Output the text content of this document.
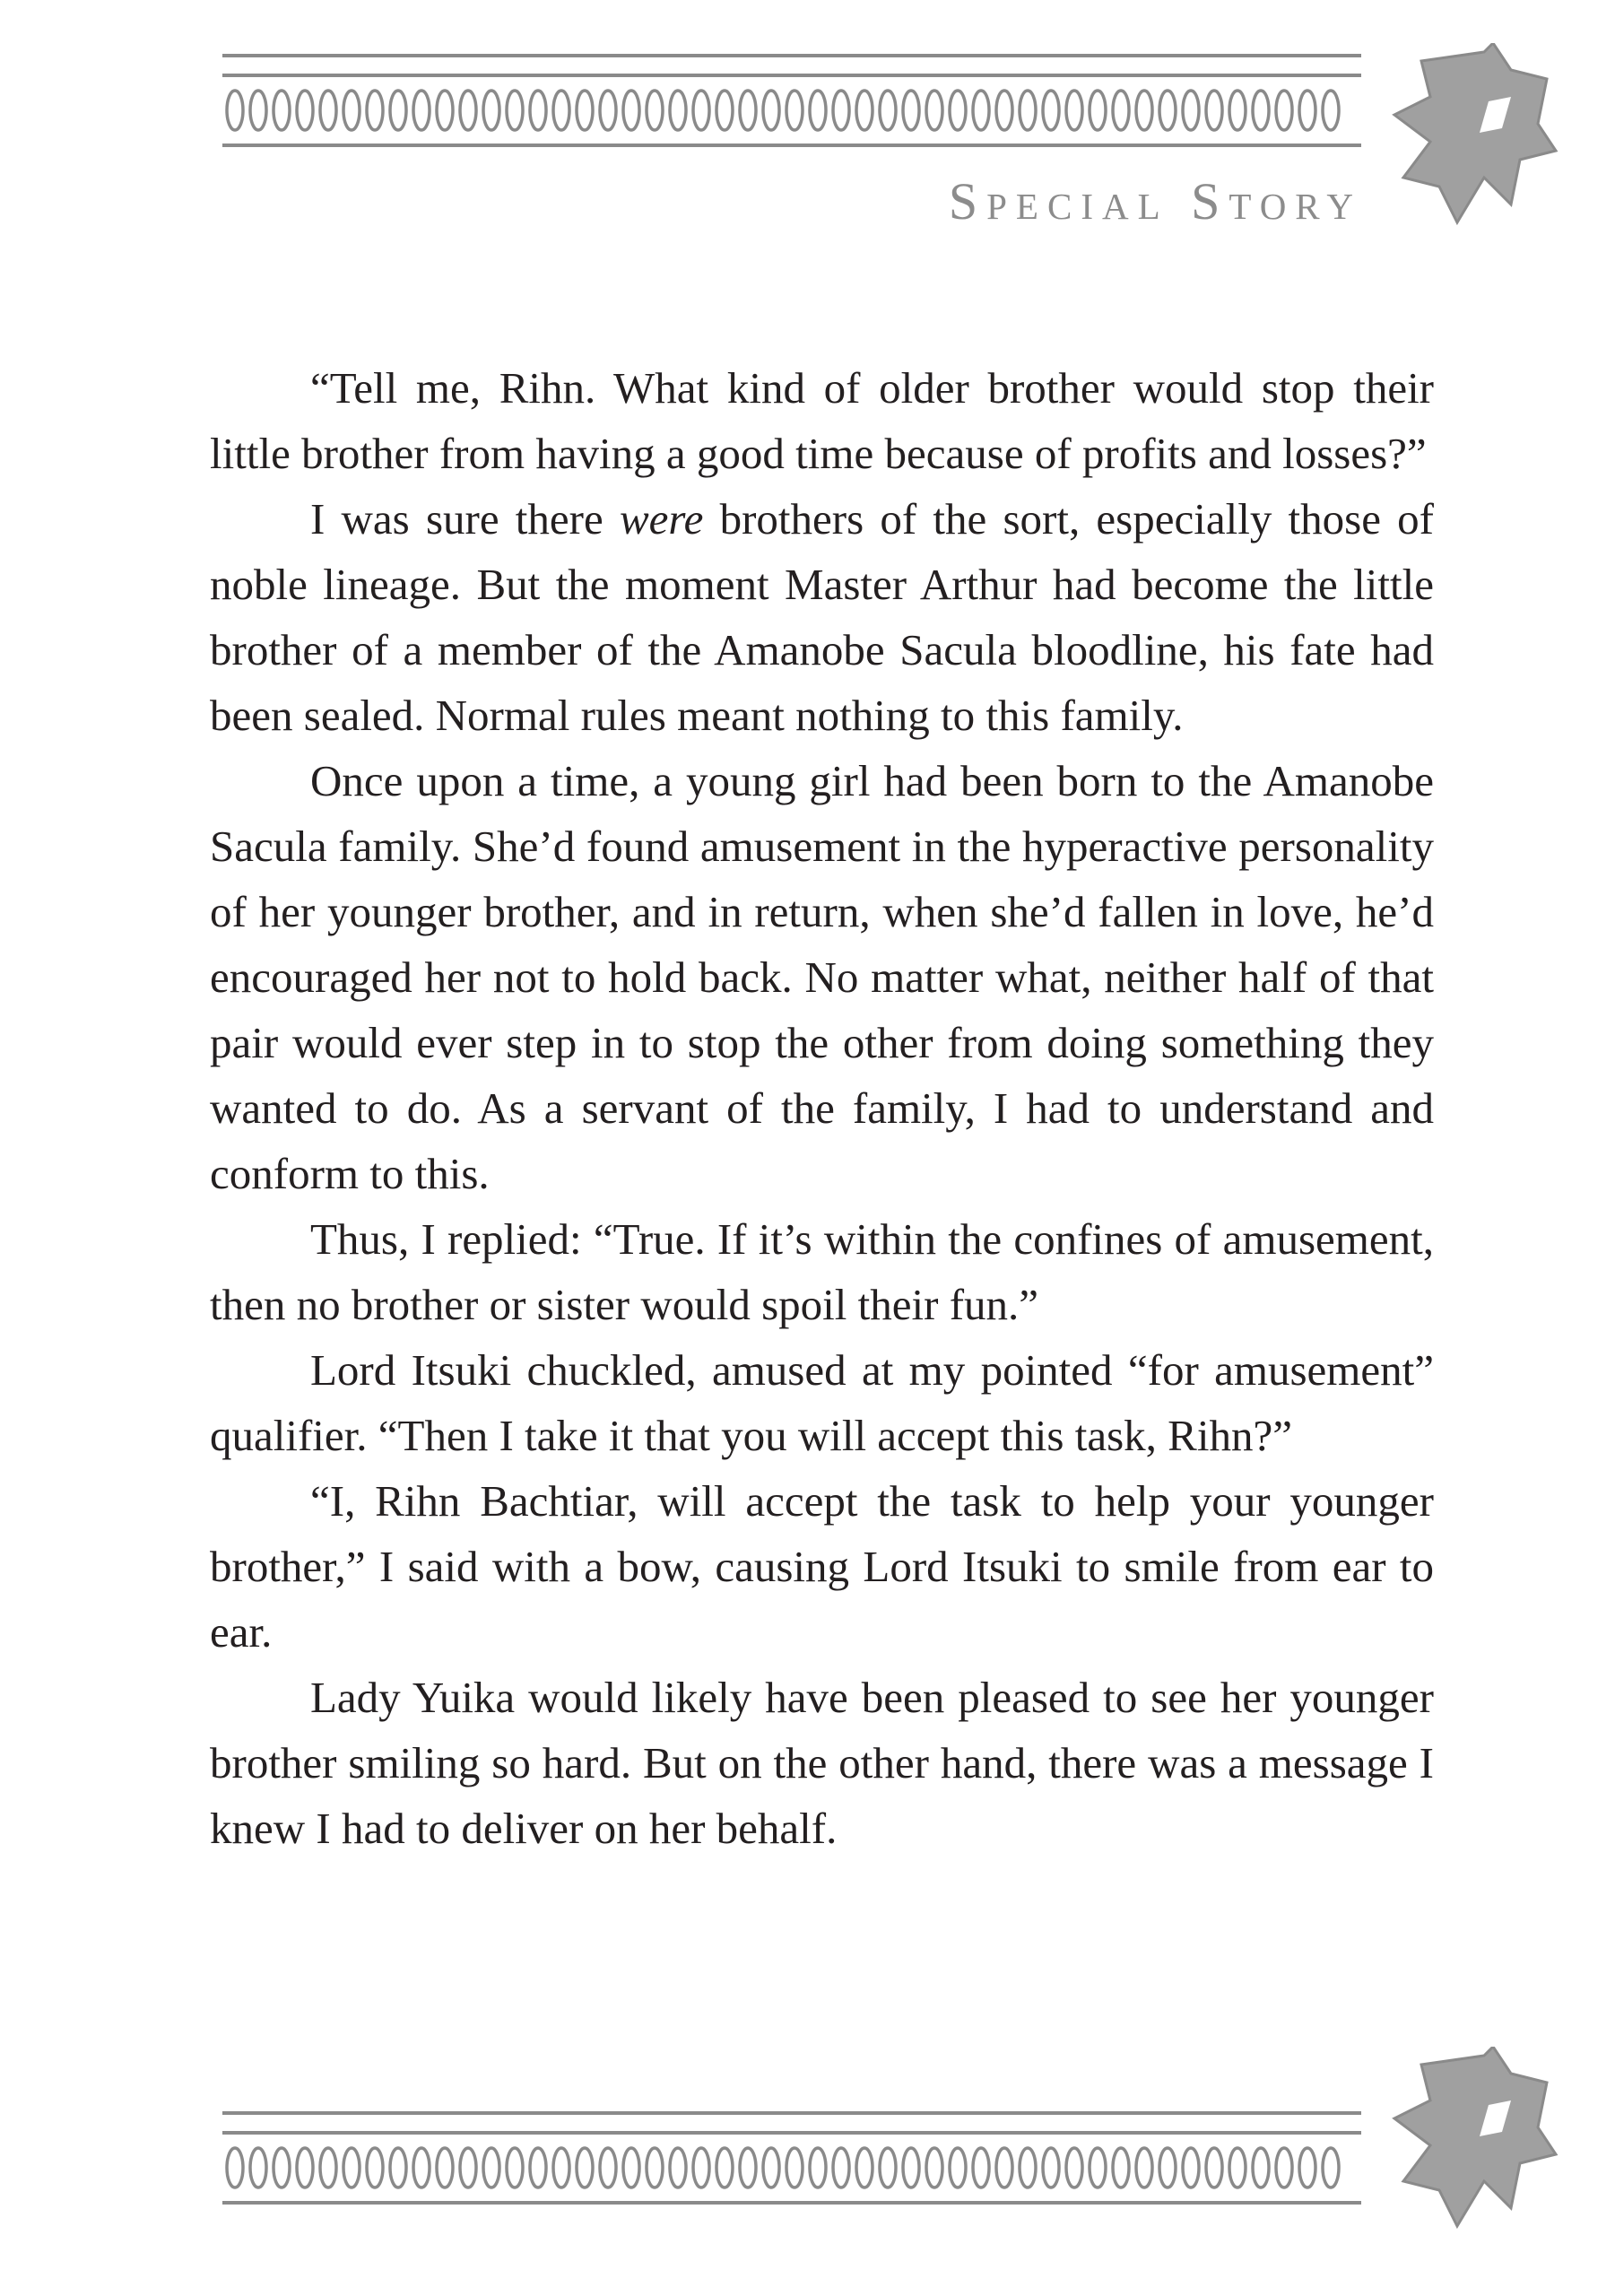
Special Story

“Tell me, Rihn. What kind of older brother would stop their little brother from having a good time because of profits and losses?”

I was sure there were brothers of the sort, especially those of noble lineage. But the moment Master Arthur had become the little brother of a member of the Amanobe Sacula bloodline, his fate had been sealed. Normal rules meant nothing to this family.

Once upon a time, a young girl had been born to the Amanobe Sacula family. She’d found amusement in the hyperactive personality of her younger brother, and in return, when she’d fallen in love, he’d encouraged her not to hold back. No matter what, neither half of that pair would ever step in to stop the other from doing something they wanted to do. As a servant of the family, I had to understand and conform to this.

Thus, I replied: “True. If it’s within the confines of amusement, then no brother or sister would spoil their fun.”

Lord Itsuki chuckled, amused at my pointed “for amusement” qualifier. “Then I take it that you will accept this task, Rihn?”

“I, Rihn Bachtiar, will accept the task to help your younger brother,” I said with a bow, causing Lord Itsuki to smile from ear to ear.

Lady Yuika would likely have been pleased to see her younger brother smiling so hard. But on the other hand, there was a message I knew I had to deliver on her behalf.
